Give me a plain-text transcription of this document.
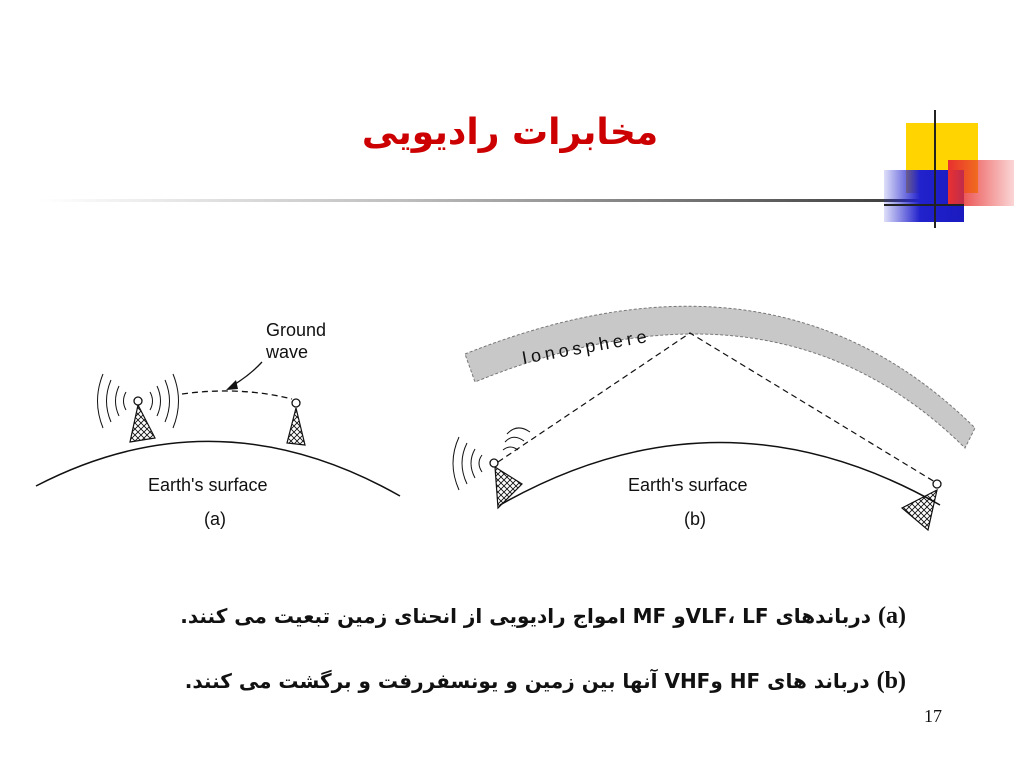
مخابرات رادیویی
Ground
wave
Earth's surface
(a)
Ionosphere
Earth's surface
(b)
(a) درباندهای VLF، LFو MF امواج رادیویی از انحنای زمین تبعیت می کنند.
(b) درباند های HF وVHF آنها بین زمین و یونسفررفت و برگشت می کنند.
17
